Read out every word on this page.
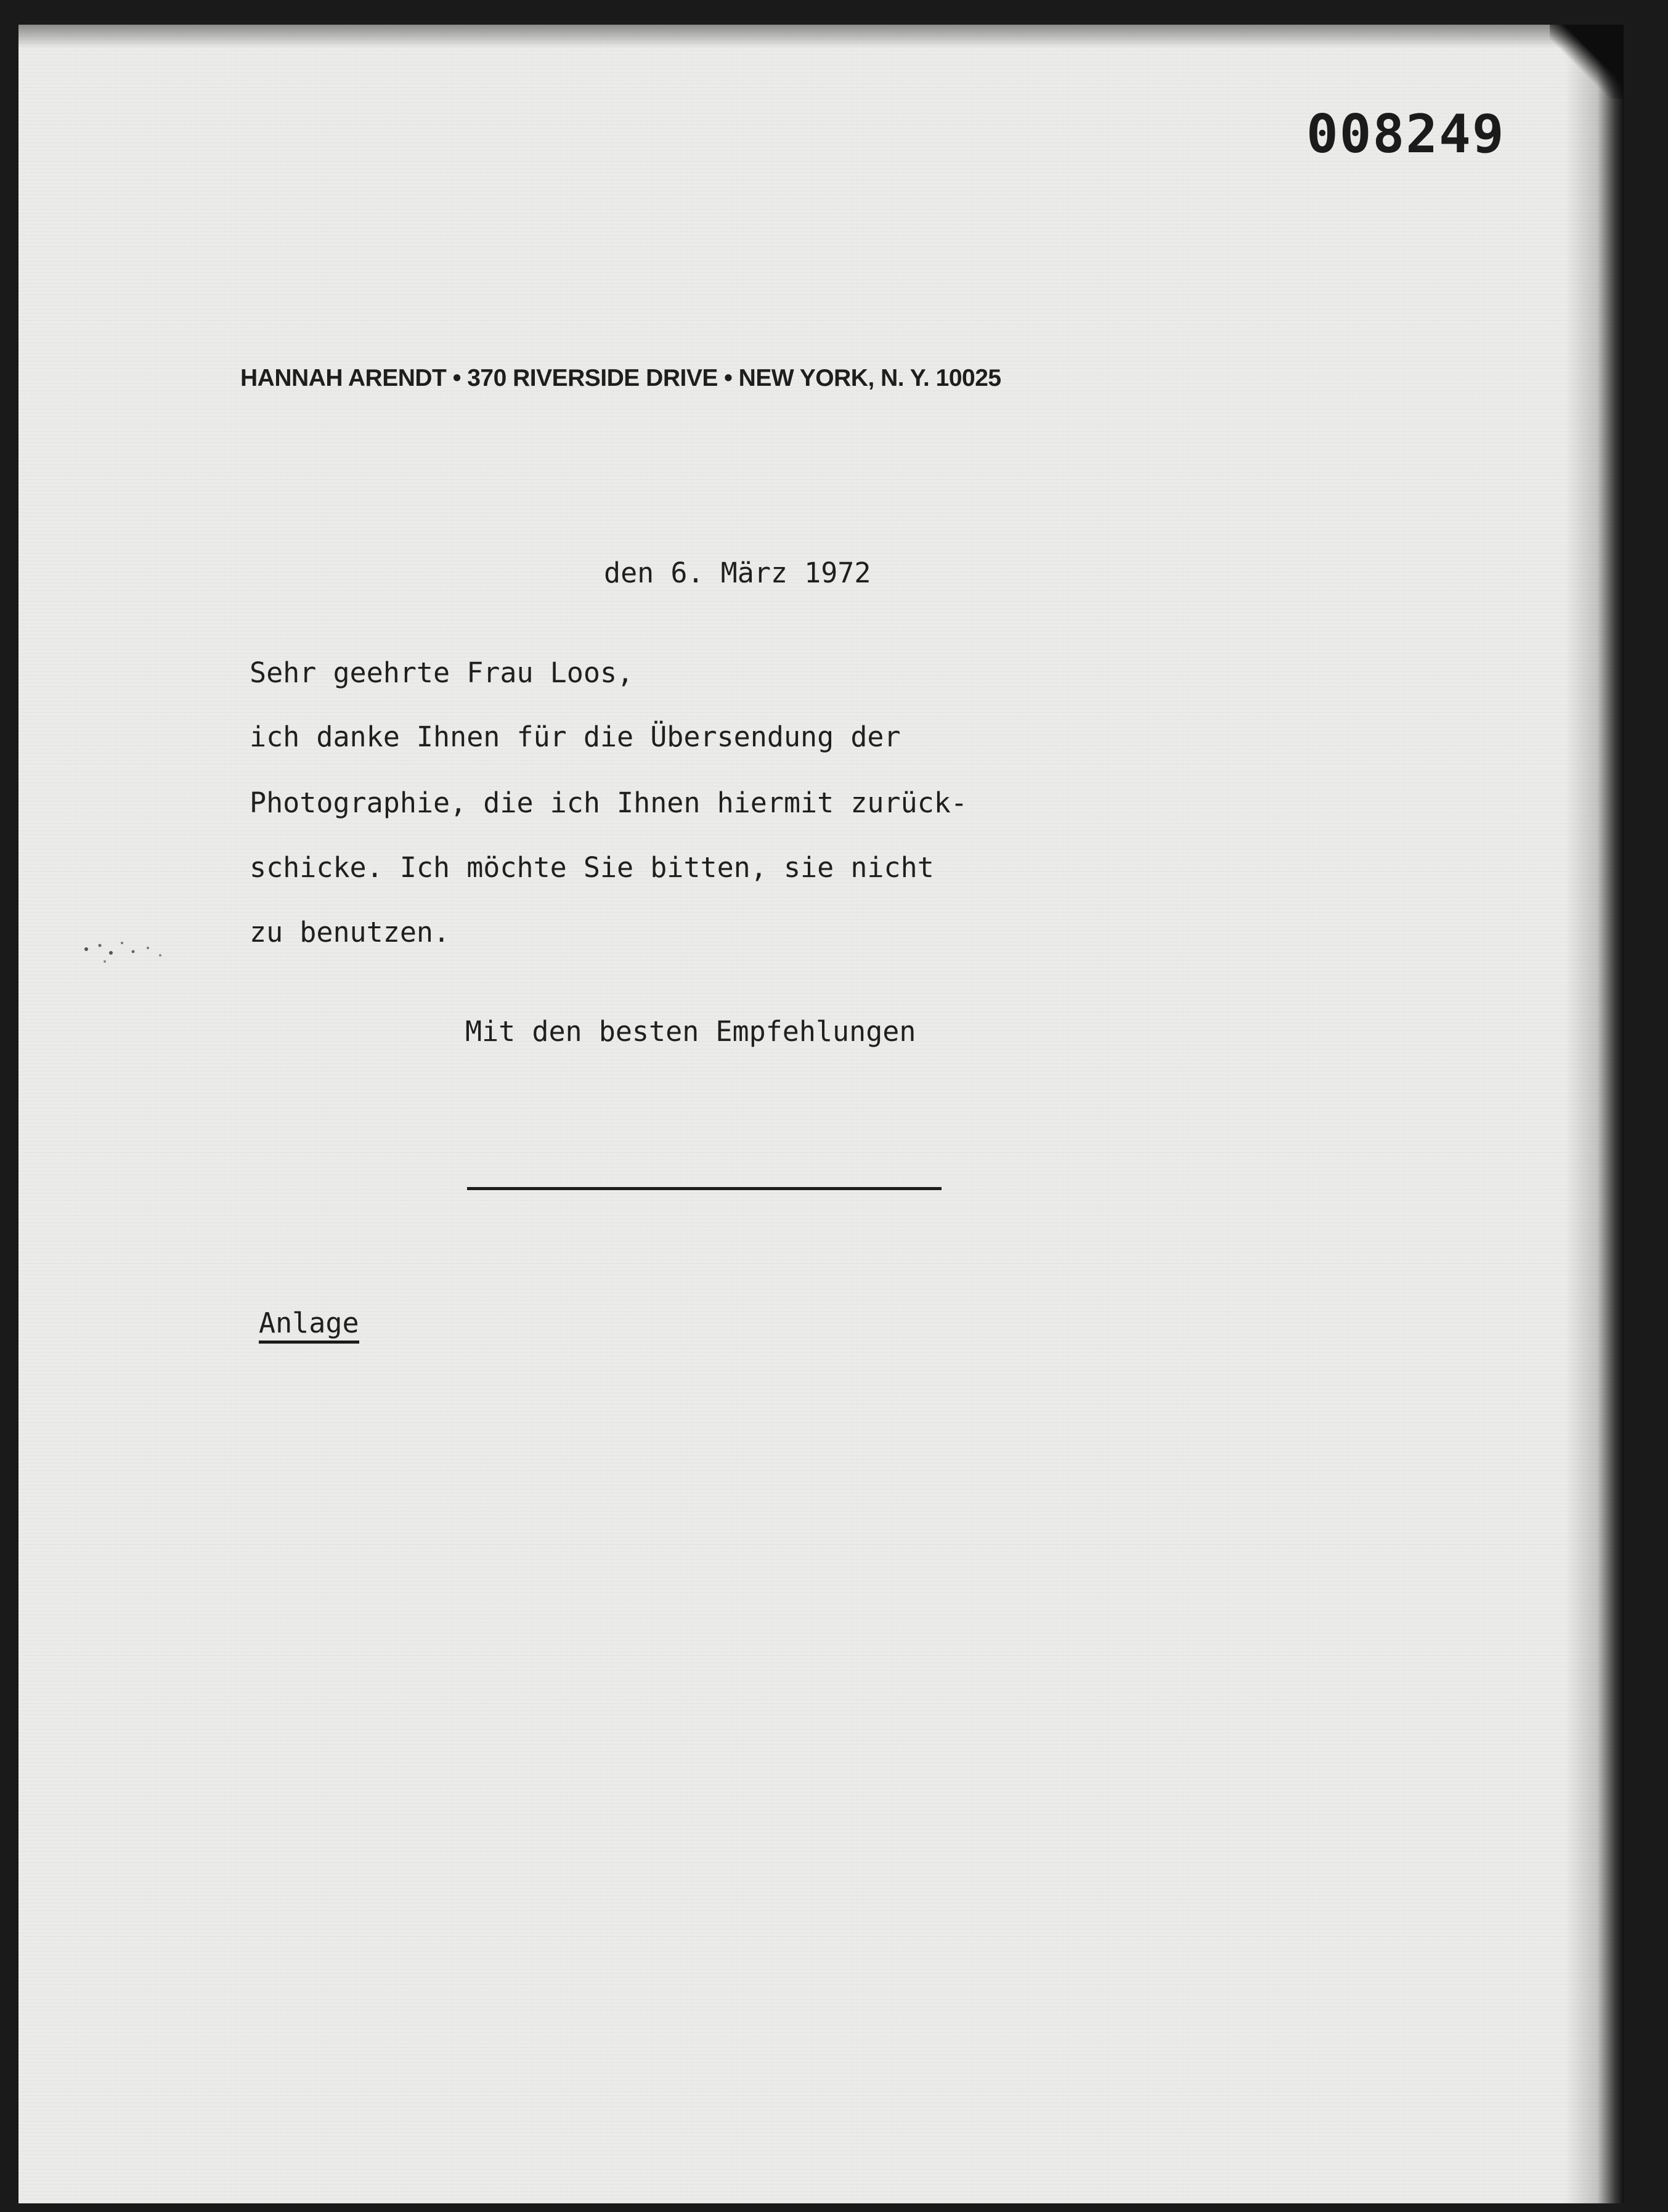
008249
HANNAH ARENDT • 370 RIVERSIDE DRIVE • NEW YORK, N. Y. 10025
den 6. März 1972
Sehr geehrte Frau Loos,
ich danke Ihnen für die Übersendung der
Photographie, die ich Ihnen hiermit zurück-
schicke. Ich möchte Sie bitten, sie nicht
zu benutzen.
Mit den besten Empfehlungen
Anlage
